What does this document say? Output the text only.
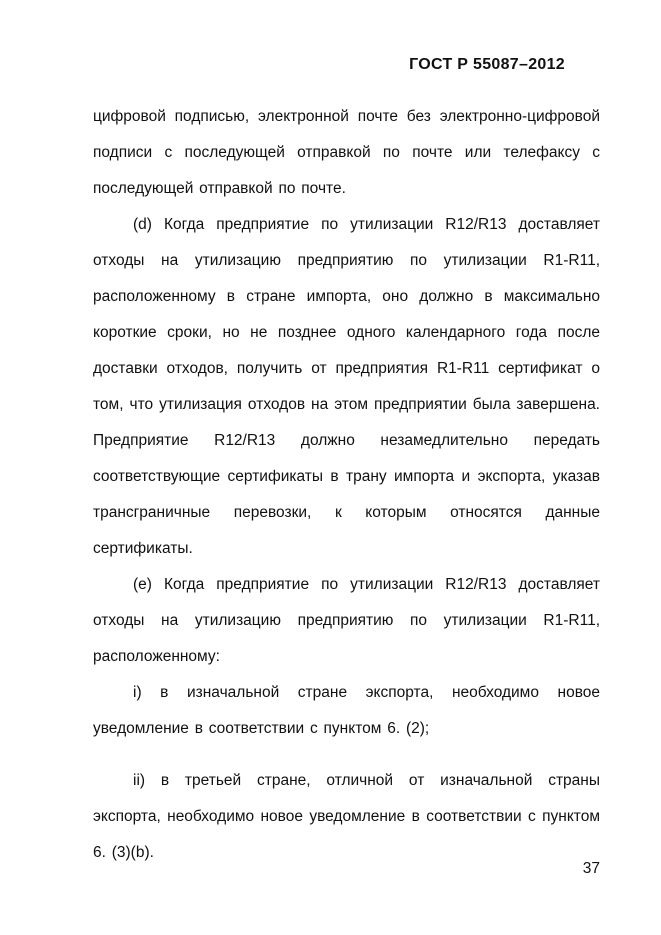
ГОСТ Р 55087–2012

цифровой подписью, электронной почте без электронно-цифровой подписи с последующей отправкой по почте или телефаксу с последующей отправкой по почте.

(d) Когда предприятие по утилизации R12/R13 доставляет отходы на утилизацию предприятию по утилизации R1-R11, расположенному в стране импорта, оно должно в максимально короткие сроки, но не позднее одного календарного года после доставки отходов, получить от предприятия R1-R11 сертификат о том, что утилизация отходов на этом предприятии была завершена. Предприятие R12/R13 должно незамедлительно передать соответствующие сертификаты в трану импорта и экспорта, указав трансграничные перевозки, к которым относятся данные сертификаты.

(e) Когда предприятие по утилизации R12/R13 доставляет отходы на утилизацию предприятию по утилизации R1-R11, расположенному:

i) в изначальной стране экспорта, необходимо новое уведомление в соответствии с пунктом 6. (2);

ii) в третьей стране, отличной от изначальной страны экспорта, необходимо новое уведомление в соответствии с пунктом 6. (3)(b).

37
